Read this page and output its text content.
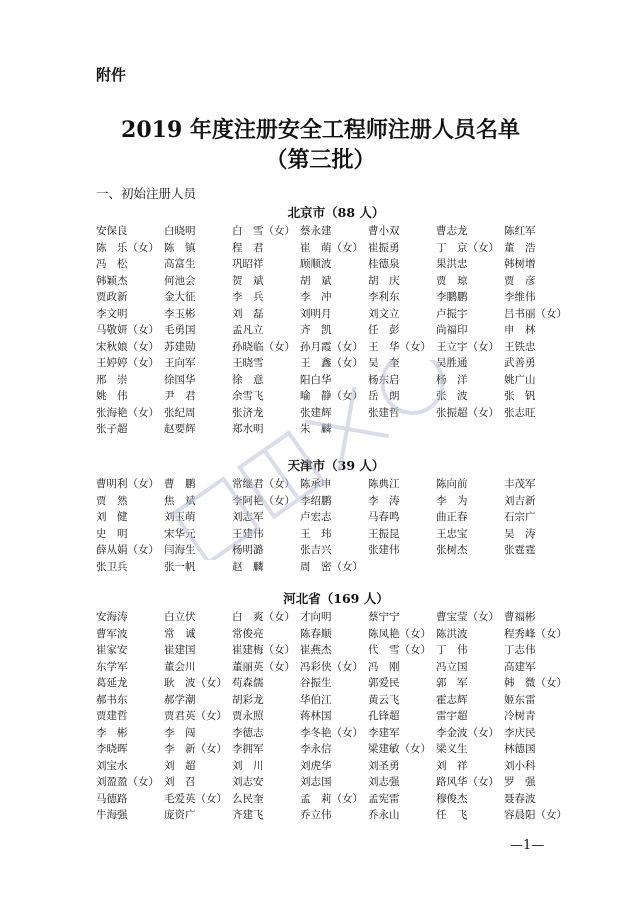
附件
2019 年度注册安全工程师注册人员名单
（第三批）
一、初始注册人员
北京市（88 人）
安保良	白晓明	白　雪（女） 蔡永建	曹小双	曹志龙	陈红军
陈　乐（女） 陈　镇	程　君	崔　萌（女） 崔振勇	丁　京（女） 董　浩
冯　松	高富生	巩昭祥	顾顺波	桂德泉	果洪忠	韩树增
韩颖杰	何池会	贺　斌	胡　斌	胡　庆	贾　琼	贾　彦
贾政新	金大征	李　兵	李　冲	李利东	李鹏鹏	李维伟
李文明	李玉彬	刘　磊	刘明月	刘文立	卢振宇	吕书丽（女）
马敬妍（女） 毛勇国	孟凡立	齐　凯	任　彭	尚福印	申　林
宋秋娘（女） 苏建勋	孙晓临（女） 孙月霞（女） 王　华（女） 王立宇（女） 王铁忠
王婷婷（女） 王向军	王晓雪	王　鑫（女） 吴　奎	吴胜通	武善勇
邢　崇	徐国华	徐　意	阳白华	杨东启	杨　洋	姚广山
姚　伟	尹　君	余雪飞	喻　静（女） 岳　朗	张　波	张　钒
张海艳（女） 张纪周	张济龙	张建辉	张建哲	张振超（女） 张志旺
张子超	赵要辉	郑水明	朱　麟
天津市（39 人）
曹明利（女） 曹　鹏	常继君（女） 陈承申	陈典江	陈向前	丰茂军
贾　然	焦　斌	李阿艳（女） 李绍鹏	李　涛	李　为	刘吉新
刘　健	刘玉萌	刘志军	卢宏志	马春鸣	曲正春	石宗广
史　明	宋华元	王建伟	王　玮	王振昆	王忠宝	吴　涛
薛从娟（女） 闫海生	杨明潞	张吉兴	张建伟	张树杰	张霆霆
张卫兵	张一帆	赵　麟	周　密（女）
河北省（169 人）
安海涛	白立伏	白　爽（女） 才向明	蔡宁宁	曹宝莹（女） 曹福彬
曹军波	常　诚	常俊亮	陈春顺	陈凤艳（女） 陈洪波	程秀峰（女）
崔家安	崔建国	崔建梅（女） 崔燕杰	代　雪（女） 丁　伟	丁志伟
东学军	董会川	董丽英（女） 冯彩侠（女） 冯　刚	冯立国	高建军
葛延龙	耿　波（女） 苟森儒	谷振生	郭爱民	郭　军	韩　微（女）
郝书东	郝学潮	胡彩龙	华伯江	黄云飞	霍志辉	姬东雷
贾建哲	贾君英（女） 贾永照	蒋林国	孔锋超	雷宇超	冷树青
李　彬	李　闯	李德志	李冬艳（女） 李建军	李金波（女） 李庆民
李晓晖	李　新（女） 李拥军	李永信	梁建敏（女） 梁义生	林德国
刘宝水	刘　超	刘　川	刘虎华	刘圣勇	刘　祥	刘小科
刘盈盈（女） 刘　召	刘志安	刘志国	刘志强	路风华（女） 罗　强
马德路	毛爱英（女） 么民奎	孟　莉（女） 孟宪雷	穆俊杰	聂春波
牛海强	庞资广	齐建飞	乔立伟	乔永山	任　飞	容晨阳（女）
—1—
